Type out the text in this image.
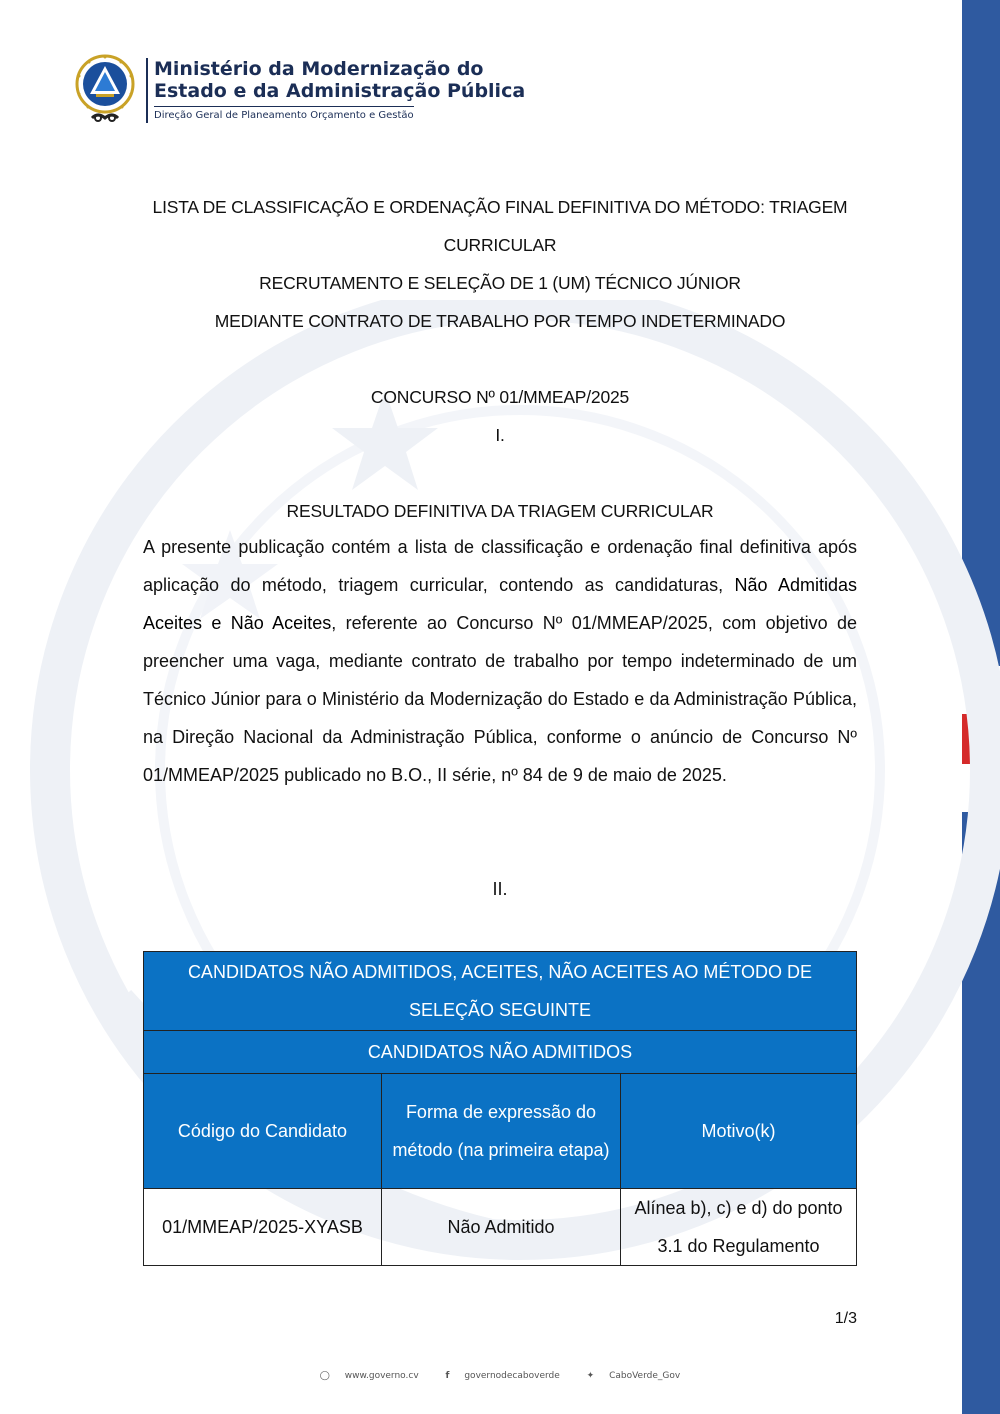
Ministério da Modernização do
Estado e da Administração Pública
Direção Geral de Planeamento Orçamento e Gestão
LISTA DE CLASSIFICAÇÃO E ORDENAÇÃO FINAL DEFINITIVA DO MÉTODO: TRIAGEM
CURRICULAR
RECRUTAMENTO E SELEÇÃO DE 1 (UM) TÉCNICO JÚNIOR
MEDIANTE CONTRATO DE TRABALHO POR TEMPO INDETERMINADO
CONCURSO Nº 01/MMEAP/2025
I.
RESULTADO DEFINITIVA DA TRIAGEM CURRICULAR
A presente publicação contém a lista de classificação e ordenação final definitiva após aplicação do método, triagem curricular, contendo as candidaturas, Não Admitidas Aceites e Não Aceites, referente ao Concurso Nº 01/MMEAP/2025, com objetivo de preencher uma vaga, mediante contrato de trabalho por tempo indeterminado de um Técnico Júnior para o Ministério da Modernização do Estado e da Administração Pública, na Direção Nacional da Administração Pública, conforme o anúncio de Concurso Nº 01/MMEAP/2025 publicado no B.O., II série, nº 84 de 9 de maio de 2025.
II.
CANDIDATOS NÃO ADMITIDOS, ACEITES, NÃO ACEITES AO MÉTODO DE SELEÇÃO SEGUINTE		
CANDIDATOS NÃO ADMITIDOS		
Código do Candidato	Forma de expressão do método (na primeira etapa)	Motivo(k)
01/MMEAP/2025-XYASB	Não Admitido	Alínea b), c) e d) do ponto 3.1 do Regulamento
1/3
◯ www.governo.cv	f governodecaboverde	✦ CaboVerde_Gov
